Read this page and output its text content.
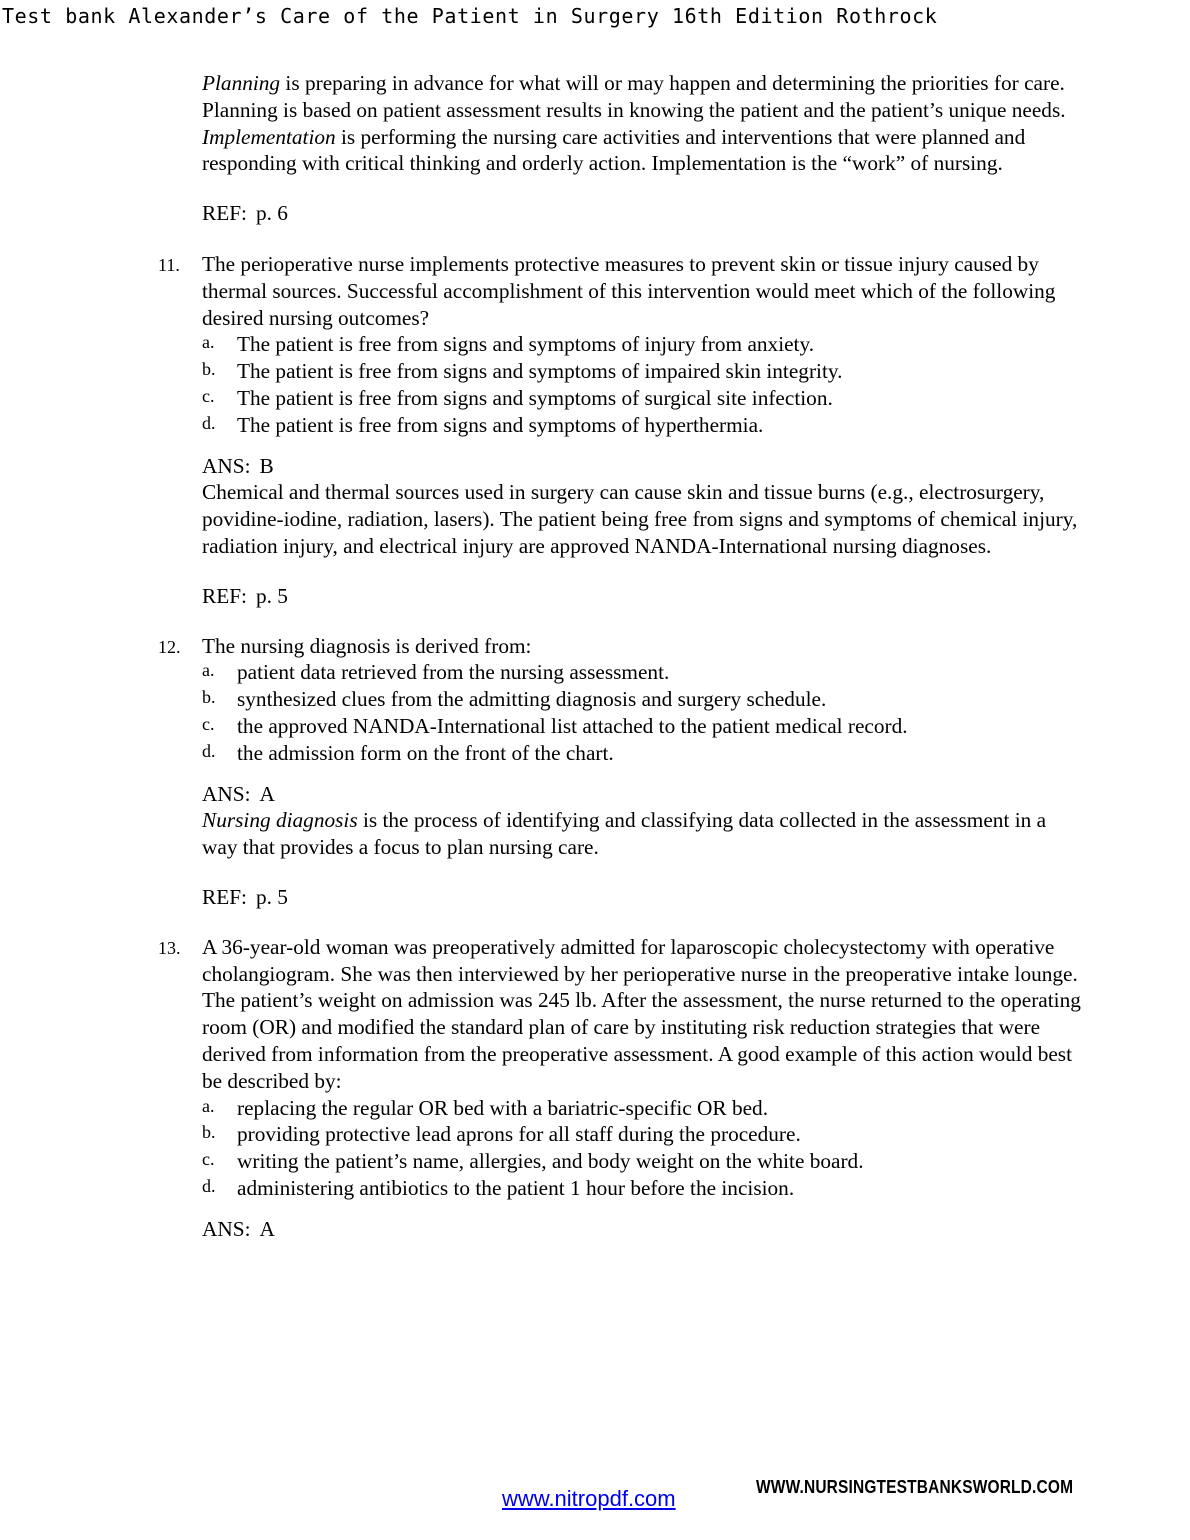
Test bank Alexander’s Care of the Patient in Surgery 16th Edition Rothrock
Planning is preparing in advance for what will or may happen and determining the priorities for care. Planning is based on patient assessment results in knowing the patient and the patient’s unique needs. Implementation is performing the nursing care activities and interventions that were planned and responding with critical thinking and orderly action. Implementation is the “work” of nursing.
REF: p. 6
11. The perioperative nurse implements protective measures to prevent skin or tissue injury caused by thermal sources. Successful accomplishment of this intervention would meet which of the following desired nursing outcomes?
a. The patient is free from signs and symptoms of injury from anxiety.
b. The patient is free from signs and symptoms of impaired skin integrity.
c. The patient is free from signs and symptoms of surgical site infection.
d. The patient is free from signs and symptoms of hyperthermia.
ANS: B
Chemical and thermal sources used in surgery can cause skin and tissue burns (e.g., electrosurgery, povidine-iodine, radiation, lasers). The patient being free from signs and symptoms of chemical injury, radiation injury, and electrical injury are approved NANDA-International nursing diagnoses.
REF: p. 5
12. The nursing diagnosis is derived from:
a. patient data retrieved from the nursing assessment.
b. synthesized clues from the admitting diagnosis and surgery schedule.
c. the approved NANDA-International list attached to the patient medical record.
d. the admission form on the front of the chart.
ANS: A
Nursing diagnosis is the process of identifying and classifying data collected in the assessment in a way that provides a focus to plan nursing care.
REF: p. 5
13. A 36-year-old woman was preoperatively admitted for laparoscopic cholecystectomy with operative cholangiogram. She was then interviewed by her perioperative nurse in the preoperative intake lounge. The patient’s weight on admission was 245 lb. After the assessment, the nurse returned to the operating room (OR) and modified the standard plan of care by instituting risk reduction strategies that were derived from information from the preoperative assessment. A good example of this action would best be described by:
a. replacing the regular OR bed with a bariatric-specific OR bed.
b. providing protective lead aprons for all staff during the procedure.
c. writing the patient’s name, allergies, and body weight on the white board.
d. administering antibiotics to the patient 1 hour before the incision.
ANS: A
www.nitropdf.com	WWW.NURSINGTESTBANKSWORLD.COM
